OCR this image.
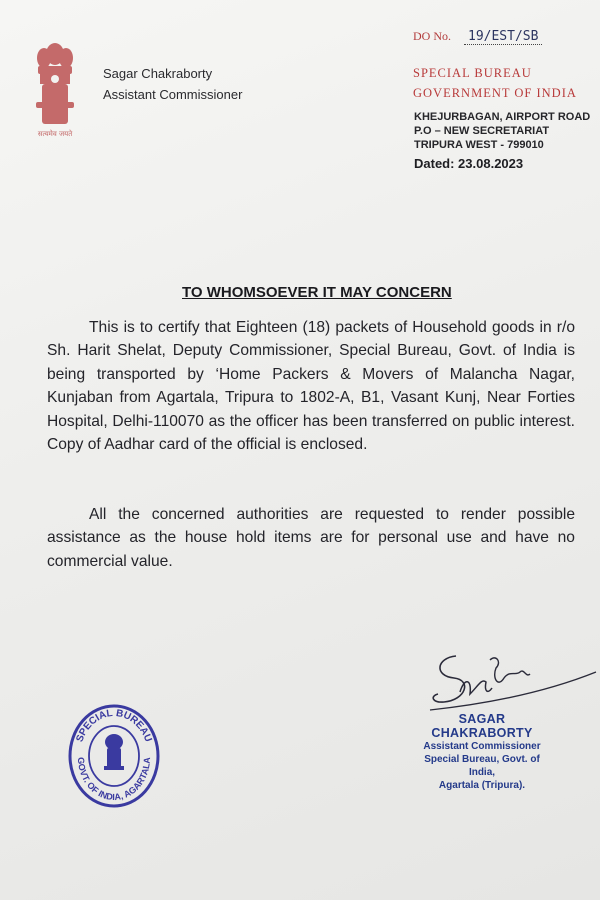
सत्यमेव जयते
Sagar Chakraborty
Assistant Commissioner
DO No. 19/EST/SB
SPECIAL BUREAU
GOVERNMENT OF INDIA
KHEJURBAGAN, AIRPORT ROAD
P.O – NEW SECRETARIAT
TRIPURA WEST - 799010
Dated: 23.08.2023
TO WHOMSOEVER IT MAY CONCERN
This is to certify that Eighteen (18) packets of Household goods in r/o Sh. Harit Shelat, Deputy Commissioner, Special Bureau, Govt. of India is being transported by ‘Home Packers & Movers of Malancha Nagar, Kunjaban from Agartala, Tripura to 1802-A, B1, Vasant Kunj, Near Forties Hospital, Delhi-110070 as the officer has been transferred on public interest. Copy of Aadhar card of the official is enclosed.
All the concerned authorities are requested to render possible assistance as the house hold items are for personal use and have no commercial value.
SAGAR CHAKRABORTY
Assistant Commissioner
Special Bureau, Govt. of India,
Agartala (Tripura).
SPECIAL BUREAU
GOVT. OF INDIA, AGARTALA
